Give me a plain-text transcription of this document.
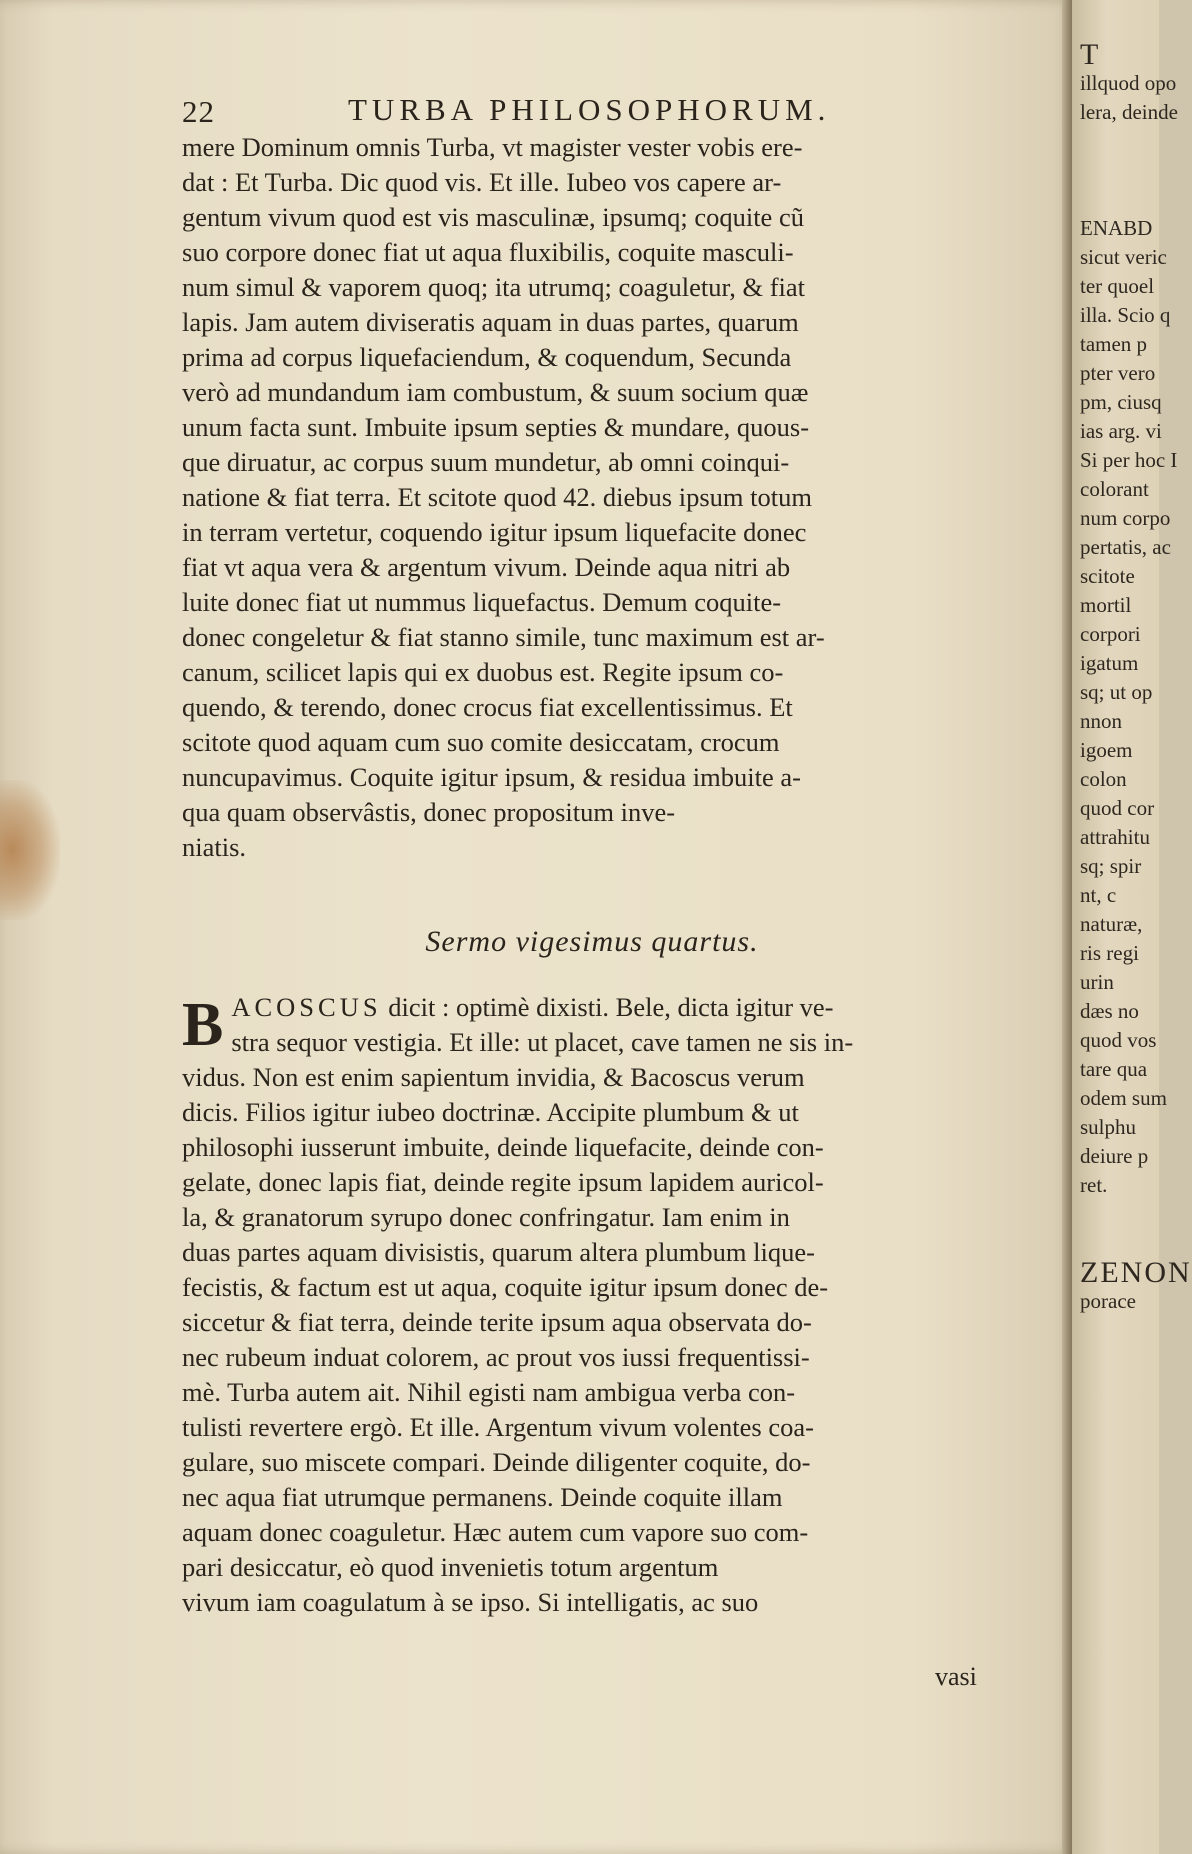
22	TURBA PHILOSOPHORUM.
mere Dominum omnis Turba, vt magister vester vobis ere-
dat : Et Turba. Dic quod vis. Et ille. Iubeo vos capere ar-
gentum vivum quod est vis masculinæ, ipsumq; coquite cũ
suo corpore donec fiat ut aqua fluxibilis, coquite masculi-
num simul & vaporem quoq; ita utrumq; coaguletur, & fiat
lapis. Jam autem diviseratis aquam in duas partes, quarum
prima ad corpus liquefaciendum, & coquendum, Secunda
verò ad mundandum iam combustum, & suum socium quæ
unum facta sunt. Imbuite ipsum septies & mundare, quous-
que diruatur, ac corpus suum mundetur, ab omni coinqui-
natione & fiat terra. Et scitote quod 42. diebus ipsum totum
in terram vertetur, coquendo igitur ipsum liquefacite donec
fiat vt aqua vera & argentum vivum. Deinde aqua nitri ab
luite donec fiat ut nummus liquefactus. Demum coquite-
donec congeletur & fiat stanno simile, tunc maximum est ar-
canum, scilicet lapis qui ex duobus est. Regite ipsum co-
quendo, & terendo, donec crocus fiat excellentissimus. Et
scitote quod aquam cum suo comite desiccatam, crocum
nuncupavimus. Coquite igitur ipsum, & residua imbuite a-
qua quam observâstis, donec propositum inve-
niatis.
Sermo vigesimus quartus.
BACOSCUS dicit : optimè dixisti. Bele, dicta igitur ve-
stra sequor vestigia. Et ille: ut placet, cave tamen ne sis in-
vidus. Non est enim sapientum invidia, & Bacoscus verum
dicis. Filios igitur iubeo doctrinæ. Accipite plumbum & ut
philosophi iusserunt imbuite, deinde liquefacite, deinde con-
gelate, donec lapis fiat, deinde regite ipsum lapidem auricol-
la, & granatorum syrupo donec confringatur. Iam enim in
duas partes aquam divisistis, quarum altera plumbum lique-
fecistis, & factum est ut aqua, coquite igitur ipsum donec de-
siccetur & fiat terra, deinde terite ipsum aqua observata do-
nec rubeum induat colorem, ac prout vos iussi frequentissi-
mè. Turba autem ait. Nihil egisti nam ambigua verba con-
tulisti revertere ergò. Et ille. Argentum vivum volentes coa-
gulare, suo miscete compari. Deinde diligenter coquite, do-
nec aqua fiat utrumque permanens. Deinde coquite illam
aquam donec coaguletur. Hæc autem cum vapore suo com-
pari desiccatur, eò quod invenietis totum argentum
vivum iam coagulatum à se ipso. Si intelligatis, ac suo
vasi
T
illquod opo
lera, deinde
ENABD
sicut veric
ter quoel
illa. Scio q
tamen p
pter vero
pm, ciusq
ias arg. vi
Si per hoc I
colorant
num corpo
pertatis, ac
scitote
mortil
corpori
igatum
sq; ut op
nnon
igoem
colon
quod cor
attrahitu
sq; spir
nt, c
naturæ,
ris regi
urin
dæs no
quod vos
tare qua
odem sum
sulphu
deiure p
ret.
ZENON
porace
